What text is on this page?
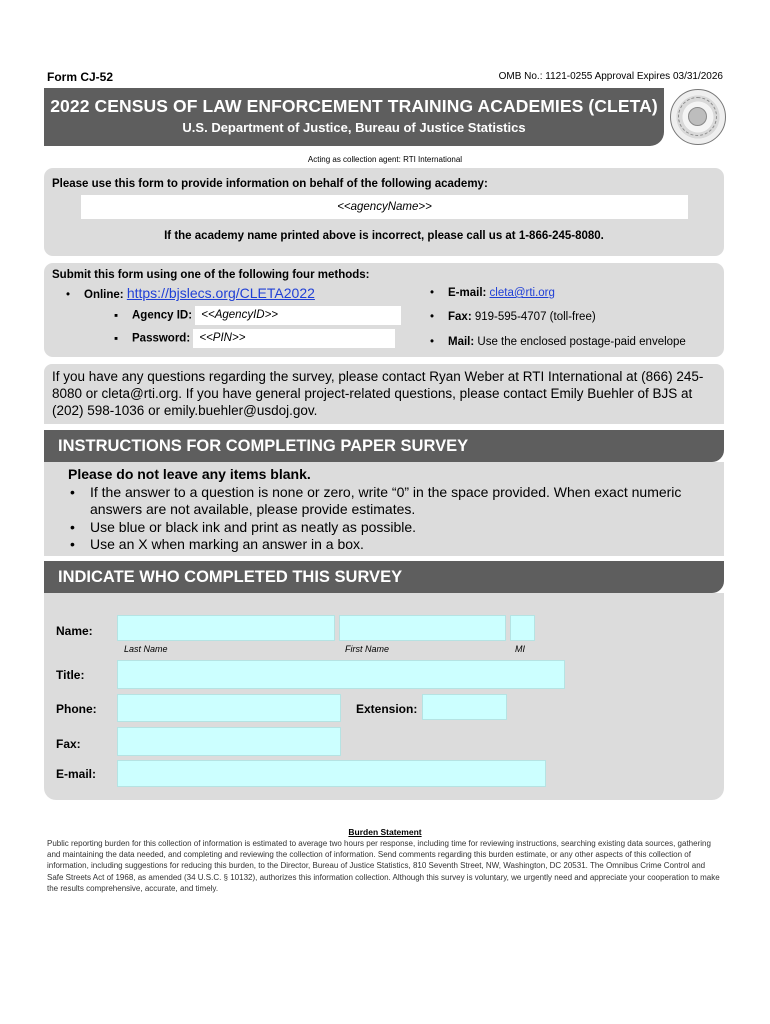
Form CJ-52	OMB No.: 1121-0255 Approval Expires 03/31/2026
2022 CENSUS OF LAW ENFORCEMENT TRAINING ACADEMIES (CLETA)
U.S. Department of Justice, Bureau of Justice Statistics
Acting as collection agent: RTI International
Please use this form to provide information on behalf of the following academy:
<<agencyName>>
If the academy name printed above is incorrect, please call us at 1-866-245-8080.
Submit this form using one of the following four methods:
• Online: https://bjslecs.org/CLETA2022
▪ Agency ID: <<AgencyID>>
▪ Password: <<PIN>>
• E-mail: cleta@rti.org
• Fax: 919-595-4707 (toll-free)
• Mail: Use the enclosed postage-paid envelope
If you have any questions regarding the survey, please contact Ryan Weber at RTI International at (866) 245-8080 or cleta@rti.org. If you have general project-related questions, please contact Emily Buehler of BJS at (202) 598-1036 or emily.buehler@usdoj.gov.
INSTRUCTIONS FOR COMPLETING PAPER SURVEY
Please do not leave any items blank.
• If the answer to a question is none or zero, write “0” in the space provided. When exact numeric answers are not available, please provide estimates.
• Use blue or black ink and print as neatly as possible.
• Use an X when marking an answer in a box.
INDICATE WHO COMPLETED THIS SURVEY
Name:
Last Name	First Name	MI
Title:
Phone:	Extension:
Fax:
E-mail:
Burden Statement
Public reporting burden for this collection of information is estimated to average two hours per response, including time for reviewing instructions, searching existing data sources, gathering and maintaining the data needed, and completing and reviewing the collection of information. Send comments regarding this burden estimate, or any other aspects of this collection of information, including suggestions for reducing this burden, to the Director, Bureau of Justice Statistics, 810 Seventh Street, NW, Washington, DC 20531. The Omnibus Crime Control and Safe Streets Act of 1968, as amended (34 U.S.C. § 10132), authorizes this information collection. Although this survey is voluntary, we urgently need and appreciate your cooperation to make the results comprehensive, accurate, and timely.
